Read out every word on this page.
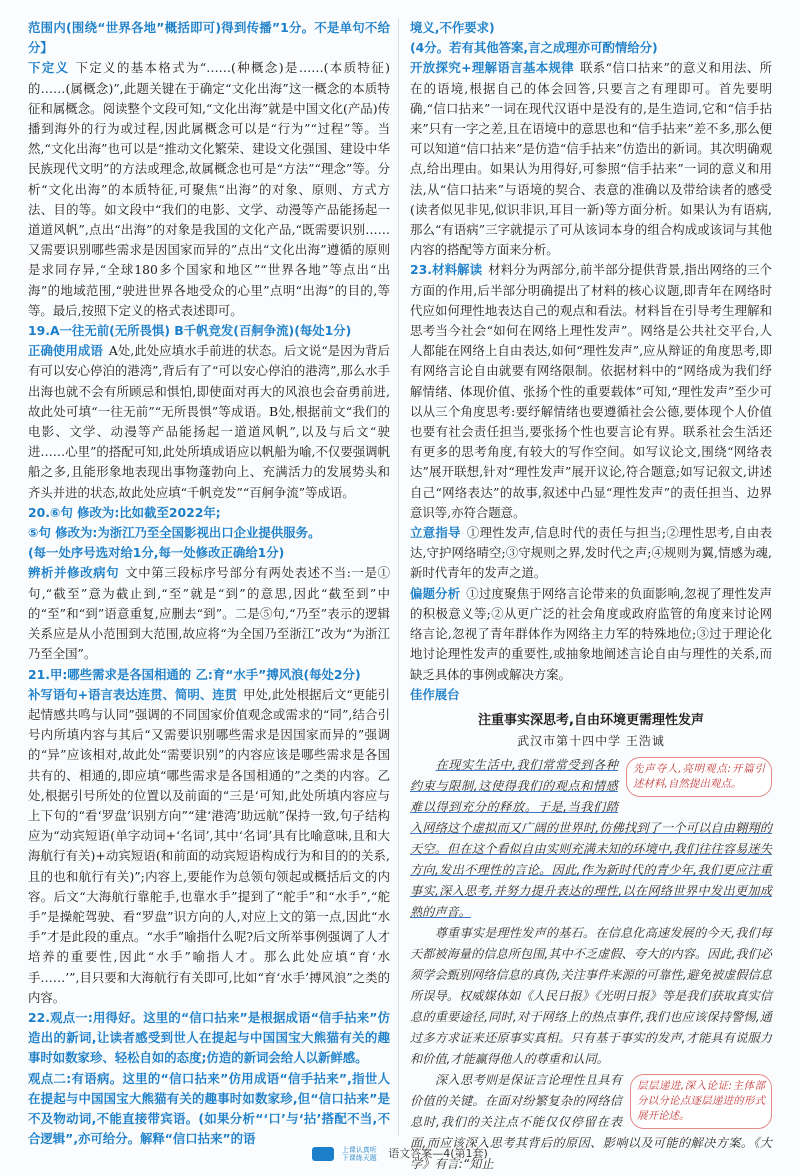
范围内(围绕“世界各地”概括即可)得到传播”1分。不是单句不给分】

下定义 下定义的基本格式为“……(种概念)是……(本质特征)的……(属概念)”,此题关键在于确定“文化出海”这一概念的本质特征和属概念。阅读整个文段可知,“文化出海”就是中国文化(产品)传播到海外的行为或过程,因此属概念可以是“行为”“过程”等。当然,“文化出海”也可以是“推动文化繁荣、建设文化强国、建设中华民族现代文明”的方法或理念,故属概念也可是“方法”“理念”等。分析“文化出海”的本质特征,可聚焦“出海”的对象、原则、方式方法、目的等。如文段中“我们的电影、文学、动漫等产品能扬起一道道风帆”,点出“出海”的对象是我国的文化产品,“既需要识别……又需要识别哪些需求是因国家而异的”点出“文化出海”遵循的原则是求同存异,“全球180多个国家和地区”“世界各地”等点出“出海”的地域范围,“驶进世界各地受众的心里”点明“出海”的目的,等等。最后,按照下定义的格式表述即可。

19.A一往无前(无所畏惧) B千帆竞发(百舸争流)(每处1分)

正确使用成语 A处,此处应填水手前进的状态。后文说“是因为背后有可以安心停泊的港湾”,背后有了“可以安心停泊的港湾”,那么水手出海也就不会有所顾忌和惧怕,即使面对再大的风浪也会奋勇前进,故此处可填“一往无前”“无所畏惧”等成语。B处,根据前文“我们的电影、文学、动漫等产品能扬起一道道风帆”,以及与后文“驶进……心里”的搭配可知,此处所填成语应以帆船为喻,不仅要强调帆船之多,且能形象地表现出事物蓬勃向上、充满活力的发展势头和齐头并进的状态,故此处应填“千帆竞发”“百舸争流”等成语。

20.⑥句 修改为:比如截至2022年;

⑤句 修改为:为浙江乃至全国影视出口企业提供服务。

(每一处序号选对给1分,每一处修改正确给1分)

辨析并修改病句 文中第三段标序号部分有两处表述不当:一是①句,“截至”意为截止到,“至”就是“到”的意思,因此“截至到”中的“至”和“到”语意重复,应删去“到”。二是⑤句,“乃至”表示的逻辑关系应是从小范围到大范围,故应将“为全国乃至浙江”改为“为浙江乃至全国”。

21.甲:哪些需求是各国相通的 乙:育“水手”搏风浪(每处2分)

补写语句+语言表达连贯、简明、连贯 甲处,此处根据后文“更能引起情感共鸣与认同”强调的不同国家价值观念或需求的“同”,结合引号内所填内容与其后“又需要识别哪些需求是因国家而异的”强调的“异”应该相对,故此处“需要识别”的内容应该是哪些需求是各国共有的、相通的,即应填“哪些需求是各国相通的”之类的内容。乙处,根据引号所处的位置以及前面的“三是‘可知,此处所填内容应与上下句的“看‘罗盘’识别方向”“建‘港湾’助远航”保持一致,句子结构应为“动宾短语(单字动词+‘名词’,其中‘名词’具有比喻意味,且和大海航行有关)+动宾短语(和前面的动宾短语构成行为和目的的关系,且的也和航行有关)”;内容上,要能作为总领句领起或概括后文的内容。后文“大海航行靠舵手,也靠水手”提到了“舵手”和“水手”,“舵手”是操舵驾驶、看“罗盘”识方向的人,对应上文的第一点,因此“水手”才是此段的重点。“水手”喻指什么呢?后文所举事例强调了人才培养的重要性,因此“水手”喻指人才。那么此处应填“育‘水手……’”,目只要和大海航行有关即可,比如“育‘水手’搏风浪”之类的内容。

22.观点一:用得好。这里的“信口拈来”是根据成语“信手拈来”仿造出的新词,让读者感受到世人在提起与中国国宝大熊猫有关的趣事时如数家珍、轻松自如的态度;仿造的新词会给人以新鲜感。

观点二:有语病。这里的“信口拈来”仿用成语“信手拈来”,指世人在提起与中国国宝大熊猫有关的趣事时如数家珍,但“信口拈来”是不及物动词,不能直接带宾语。(如果分析“‘口’与‘拈’搭配不当,不合逻辑”,亦可给分。解释“信口拈来”的语

境义,不作要求)

(4分。若有其他答案,言之成理亦可酌情给分)

开放探究+理解语言基本规律 联系“信口拈来”的意义和用法、所在的语境,根据自己的体会回答,只要言之有理即可。首先要明确,“信口拈来”一词在现代汉语中是没有的,是生造词,它和“信手拈来”只有一字之差,且在语境中的意思也和“信手拈来”差不多,那么便可以知道“信口拈来”是仿造“信手拈来”仿造出的新词。其次明确观点,给出理由。如果认为用得好,可参照“信手拈来”一词的意义和用法,从“信口拈来”与语境的契合、表意的准确以及带给读者的感受(读者似见非见,似识非识,耳目一新)等方面分析。如果认为有语病,那么“有语病”三字就提示了可从该词本身的组合构成或该词与其他内容的搭配等方面来分析。

23.材料解读 材料分为两部分,前半部分提供背景,指出网络的三个方面的作用,后半部分明确提出了材料的核心议题,即青年在网络时代应如何理性地表达自己的观点和看法。材料旨在引导考生理解和思考当今社会“如何在网络上理性发声”。网络是公共社交平台,人人都能在网络上自由表达,如何“理性发声”,应从辩证的角度思考,即有网络言论自由就要有网络限制。依据材料中的“网络成为我们纾解情绪、体现价值、张扬个性的重要载体”可知,“理性发声”至少可以从三个角度思考:要纾解情绪也要遵循社会公德,要体现个人价值也要有社会责任担当,要张扬个性也要言论有界。联系社会生活还有更多的思考角度,有较大的写作空间。如写议论文,围绕“网络表达”展开联想,针对“理性发声”展开议论,符合题意;如写记叙文,讲述自己“网络表达”的故事,叙述中凸显“理性发声”的责任担当、边界意识等,亦符合题意。

立意指导 ①理性发声,信息时代的责任与担当;②理性思考,自由表达,守护网络晴空;③守规则之界,发时代之声;④规则为翼,情感为魂,新时代青年的发声之道。

偏题分析 ①过度聚焦于网络言论带来的负面影响,忽视了理性发声的积极意义等;②从更广泛的社会角度或政府监管的角度来讨论网络言论,忽视了青年群体作为网络主力军的特殊地位;③过于理论化地讨论理性发声的重要性,或抽象地阐述言论自由与理性的关系,而缺乏具体的事例或解决方案。

佳作展台

注重事实深思考,自由环境更需理性发声

武汉市第十四中学 王浩诚

先声夺人,亮明观点:开篇引述材料,自然提出观点。

　　在现实生活中,我们常常受到各种约束与限制,这使得我们的观点和情感难以得到充分的释放。于是,当我们踏入网络这个虚拟而又广阔的世界时,仿佛找到了一个可以自由翱翔的天空。但在这个看似自由实则充满未知的环境中,我们往往容易迷失方向,发出不理性的言论。因此,作为新时代的青少年,我们更应注重事实,深入思考,并努力提升表达的理性,以在网络世界中发出更加成熟的声音。

　　尊重事实是理性发声的基石。在信息化高速发展的今天,我们每天都被海量的信息所包围,其中不乏虚假、夸大的内容。因此,我们必须学会甄别网络信息的真伪,关注事件来源的可靠性,避免被虚假信息所误导。权威媒体如《人民日报》《光明日报》等是我们获取真实信息的重要途径,同时,对于网络上的热点事件,我们也应该保持警惕,通过多方求证来还原事实真相。只有基于事实的发声,才能具有说服力和价值,才能赢得他人的尊重和认同。

层层递进,深入论证:主体部分以分论点逐层递进的形式展开论述。

　　深入思考则是保证言论理性且具有价值的关键。在面对纷繁复杂的网络信息时,我们的关注点不能仅仅停留在表面,而应该深入思考其背后的原因、影响以及可能的解决方案。《大学》有言:“知止

上课认真听
下课练天题 语文答案—4(第1套)
